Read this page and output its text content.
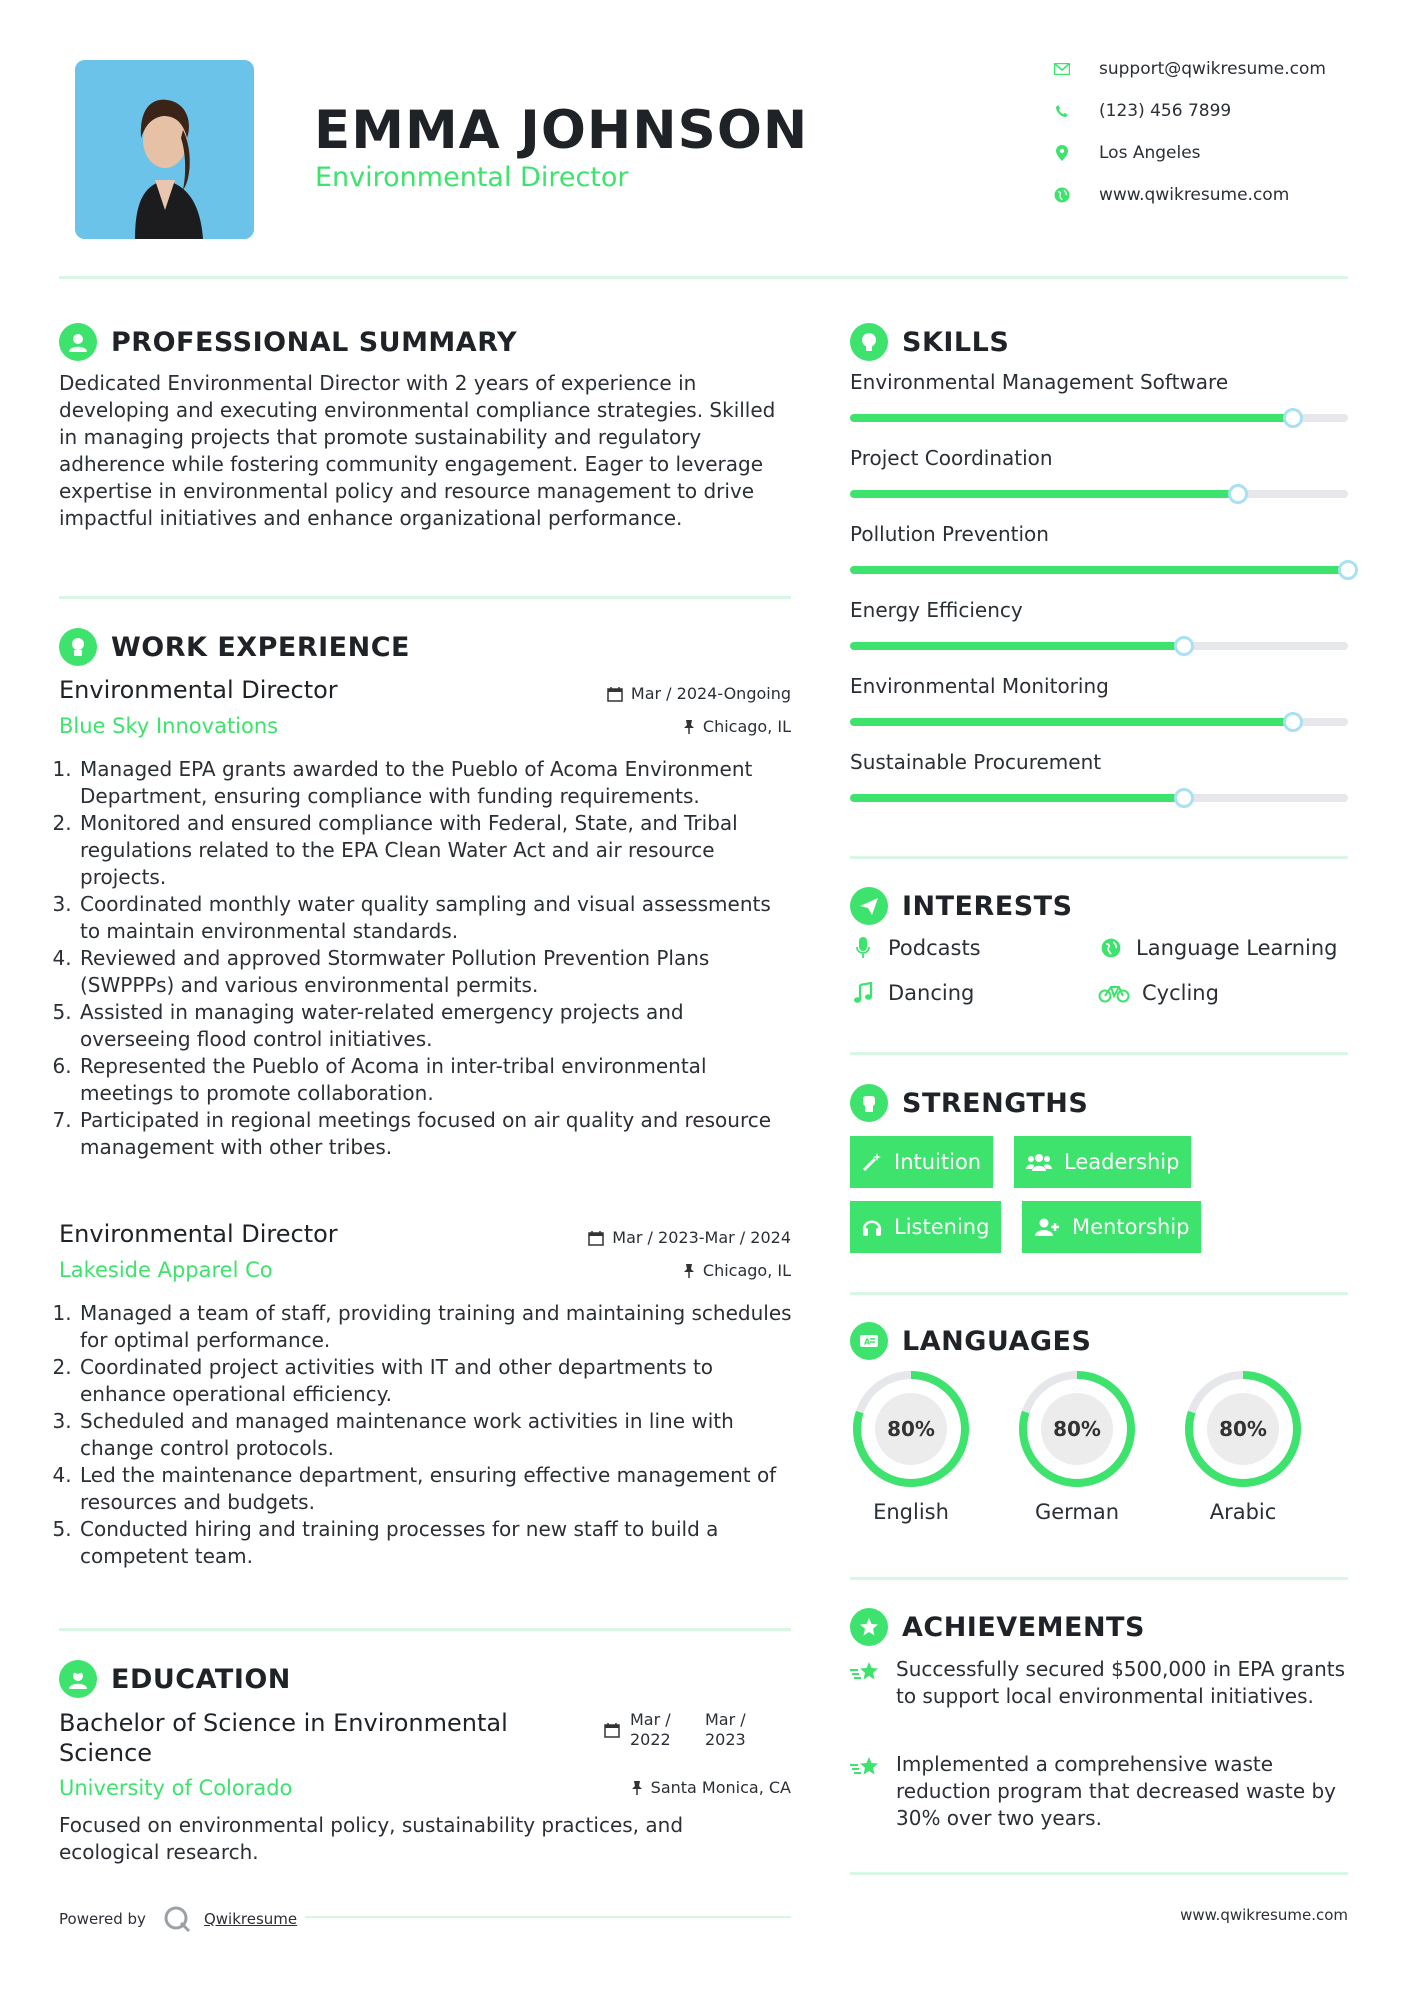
EMMA JOHNSON
Environmental Director
support@qwikresume.com
(123) 456 7899
Los Angeles
www.qwikresume.com
PROFESSIONAL SUMMARY
Dedicated Environmental Director with 2 years of experience in developing and executing environmental compliance strategies. Skilled in managing projects that promote sustainability and regulatory adherence while fostering community engagement. Eager to leverage expertise in environmental policy and resource management to drive impactful initiatives and enhance organizational performance.
WORK EXPERIENCE
Environmental Director	Mar / 2024-Ongoing
Blue Sky Innovations	Chicago, IL
1. Managed EPA grants awarded to the Pueblo of Acoma Environment Department, ensuring compliance with funding requirements.
2. Monitored and ensured compliance with Federal, State, and Tribal regulations related to the EPA Clean Water Act and air resource projects.
3. Coordinated monthly water quality sampling and visual assessments to maintain environmental standards.
4. Reviewed and approved Stormwater Pollution Prevention Plans (SWPPPs) and various environmental permits.
5. Assisted in managing water-related emergency projects and overseeing flood control initiatives.
6. Represented the Pueblo of Acoma in inter-tribal environmental meetings to promote collaboration.
7. Participated in regional meetings focused on air quality and resource management with other tribes.
Environmental Director	Mar / 2023-Mar / 2024
Lakeside Apparel Co	Chicago, IL
1. Managed a team of staff, providing training and maintaining schedules for optimal performance.
2. Coordinated project activities with IT and other departments to enhance operational efficiency.
3. Scheduled and managed maintenance work activities in line with change control protocols.
4. Led the maintenance department, ensuring effective management of resources and budgets.
5. Conducted hiring and training processes for new staff to build a competent team.
EDUCATION
Bachelor of Science in Environmental Science
Mar / 2022
Mar / 2023
University of Colorado	Santa Monica, CA
Focused on environmental policy, sustainability practices, and ecological research.
Powered by	Qwikresume
SKILLS
Environmental Management Software
Project Coordination
Pollution Prevention
Energy Efficiency
Environmental Monitoring
Sustainable Procurement
INTERESTS
Podcasts	Language Learning
Dancing	Cycling
STRENGTHS
Intuition	Leadership
Listening	Mentorship
A LANGUAGES
80%
English
80%
German
80%
Arabic
ACHIEVEMENTS
Successfully secured $500,000 in EPA grants to support local environmental initiatives.
Implemented a comprehensive waste reduction program that decreased waste by 30% over two years.
www.qwikresume.com
